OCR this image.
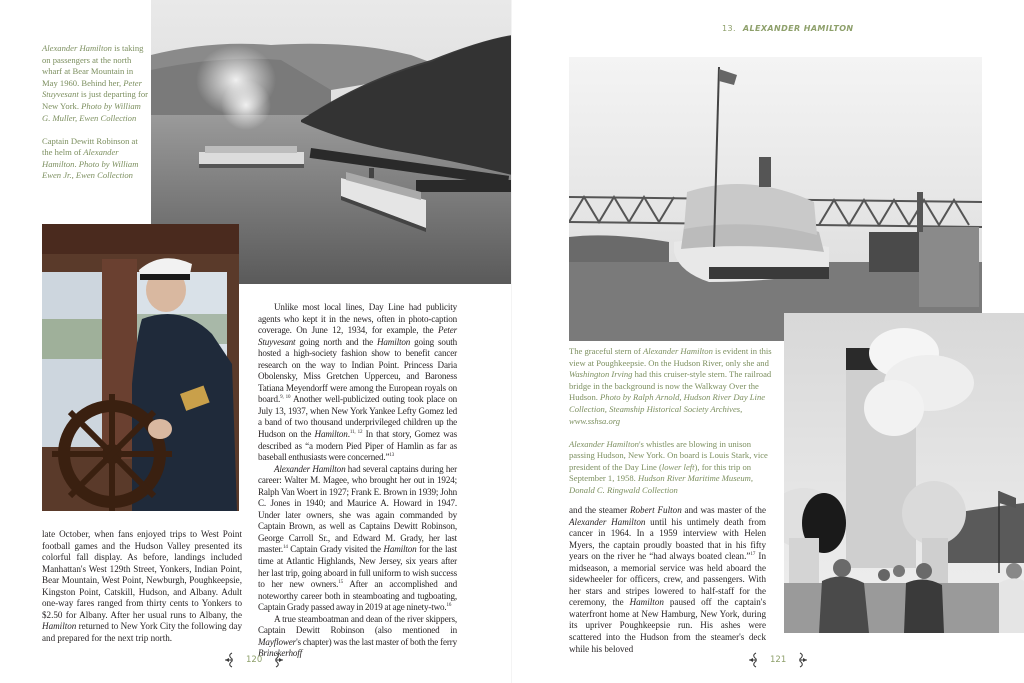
Alexander Hamilton is taking on passengers at the north wharf at Bear Mountain in May 1960. Behind her, Peter Stuyvesant is just departing for New York. Photo by William G. Muller, Ewen Collection

Captain Dewitt Robinson at the helm of Alexander Hamilton. Photo by William Ewen Jr., Ewen Collection

late October, when fans enjoyed trips to West Point football games and the Hudson Valley presented its colorful fall display. As before, landings included Manhattan's West 129th Street, Yonkers, Indian Point, Bear Mountain, West Point, Newburgh, Poughkeepsie, Kingston Point, Catskill, Hudson, and Albany. Adult one-way fares ranged from thirty cents to Yonkers to $2.50 for Albany. After her usual runs to Albany, the Hamilton returned to New York City the following day and prepared for the next trip north.

Unlike most local lines, Day Line had publicity agents who kept it in the news, often in photo-caption coverage. On June 12, 1934, for example, the Peter Stuyvesant going north and the Hamilton going south hosted a high-society fashion show to benefit cancer research on the way to Indian Point. Princess Daria Obolensky, Miss Gretchen Upperceu, and Baroness Tatiana Meyendorff were among the European royals on board.$^{9, 10}$ Another well-publicized outing took place on July 13, 1937, when New York Yankee Lefty Gomez led a band of two thousand underprivileged children up the Hudson on the Hamilton.$^{11, 12}$ In that story, Gomez was described as “a modern Pied Piper of Hamlin as far as baseball enthusiasts were concerned.”$^{13}$

Alexander Hamilton had several captains during her career: Walter M. Magee, who brought her out in 1924; Ralph Van Woert in 1927; Frank E. Brown in 1939; John C. Jones in 1940; and Maurice A. Howard in 1947. Under later owners, she was again commanded by Captain Brown, as well as Captains Dewitt Robinson, George Carroll Sr., and Edward M. Grady, her last master.$^{14}$ Captain Grady visited the Hamilton for the last time at Atlantic Highlands, New Jersey, six years after her last trip, going aboard in full uniform to wish success to her new owners.$^{15}$ After an accomplished and noteworthy career both in steamboating and tugboating, Captain Grady passed away in 2019 at age ninety-two.$^{16}$

A true steamboatman and dean of the river skippers, Captain Dewitt Robinson (also mentioned in Mayflower's chapter) was the last master of both the ferry Brinckerhoff

120
13. ALEXANDER HAMILTON

The graceful stern of Alexander Hamilton is evident in this view at Poughkeepsie. On the Hudson River, only she and Washington Irving had this cruiser-style stern. The railroad bridge in the background is now the Walkway Over the Hudson. Photo by Ralph Arnold, Hudson River Day Line Collection, Steamship Historical Society Archives, www.sshsa.org

Alexander Hamilton's whistles are blowing in unison passing Hudson, New York. On board is Louis Stark, vice president of the Day Line (lower left), for this trip on September 1, 1958. Hudson River Maritime Museum, Donald C. Ringwald Collection

and the steamer Robert Fulton and was master of the Alexander Hamilton until his untimely death from cancer in 1964. In a 1959 interview with Helen Myers, the captain proudly boasted that in his fifty years on the river he “had always boated clean.”$^{17}$ In midseason, a memorial service was held aboard the sidewheeler for officers, crew, and passengers. With her stars and stripes lowered to half-staff for the ceremony, the Hamilton paused off the captain's waterfront home at New Hamburg, New York, during its upriver Poughkeepsie run. His ashes were scattered into the Hudson from the steamer's deck while his beloved

121
